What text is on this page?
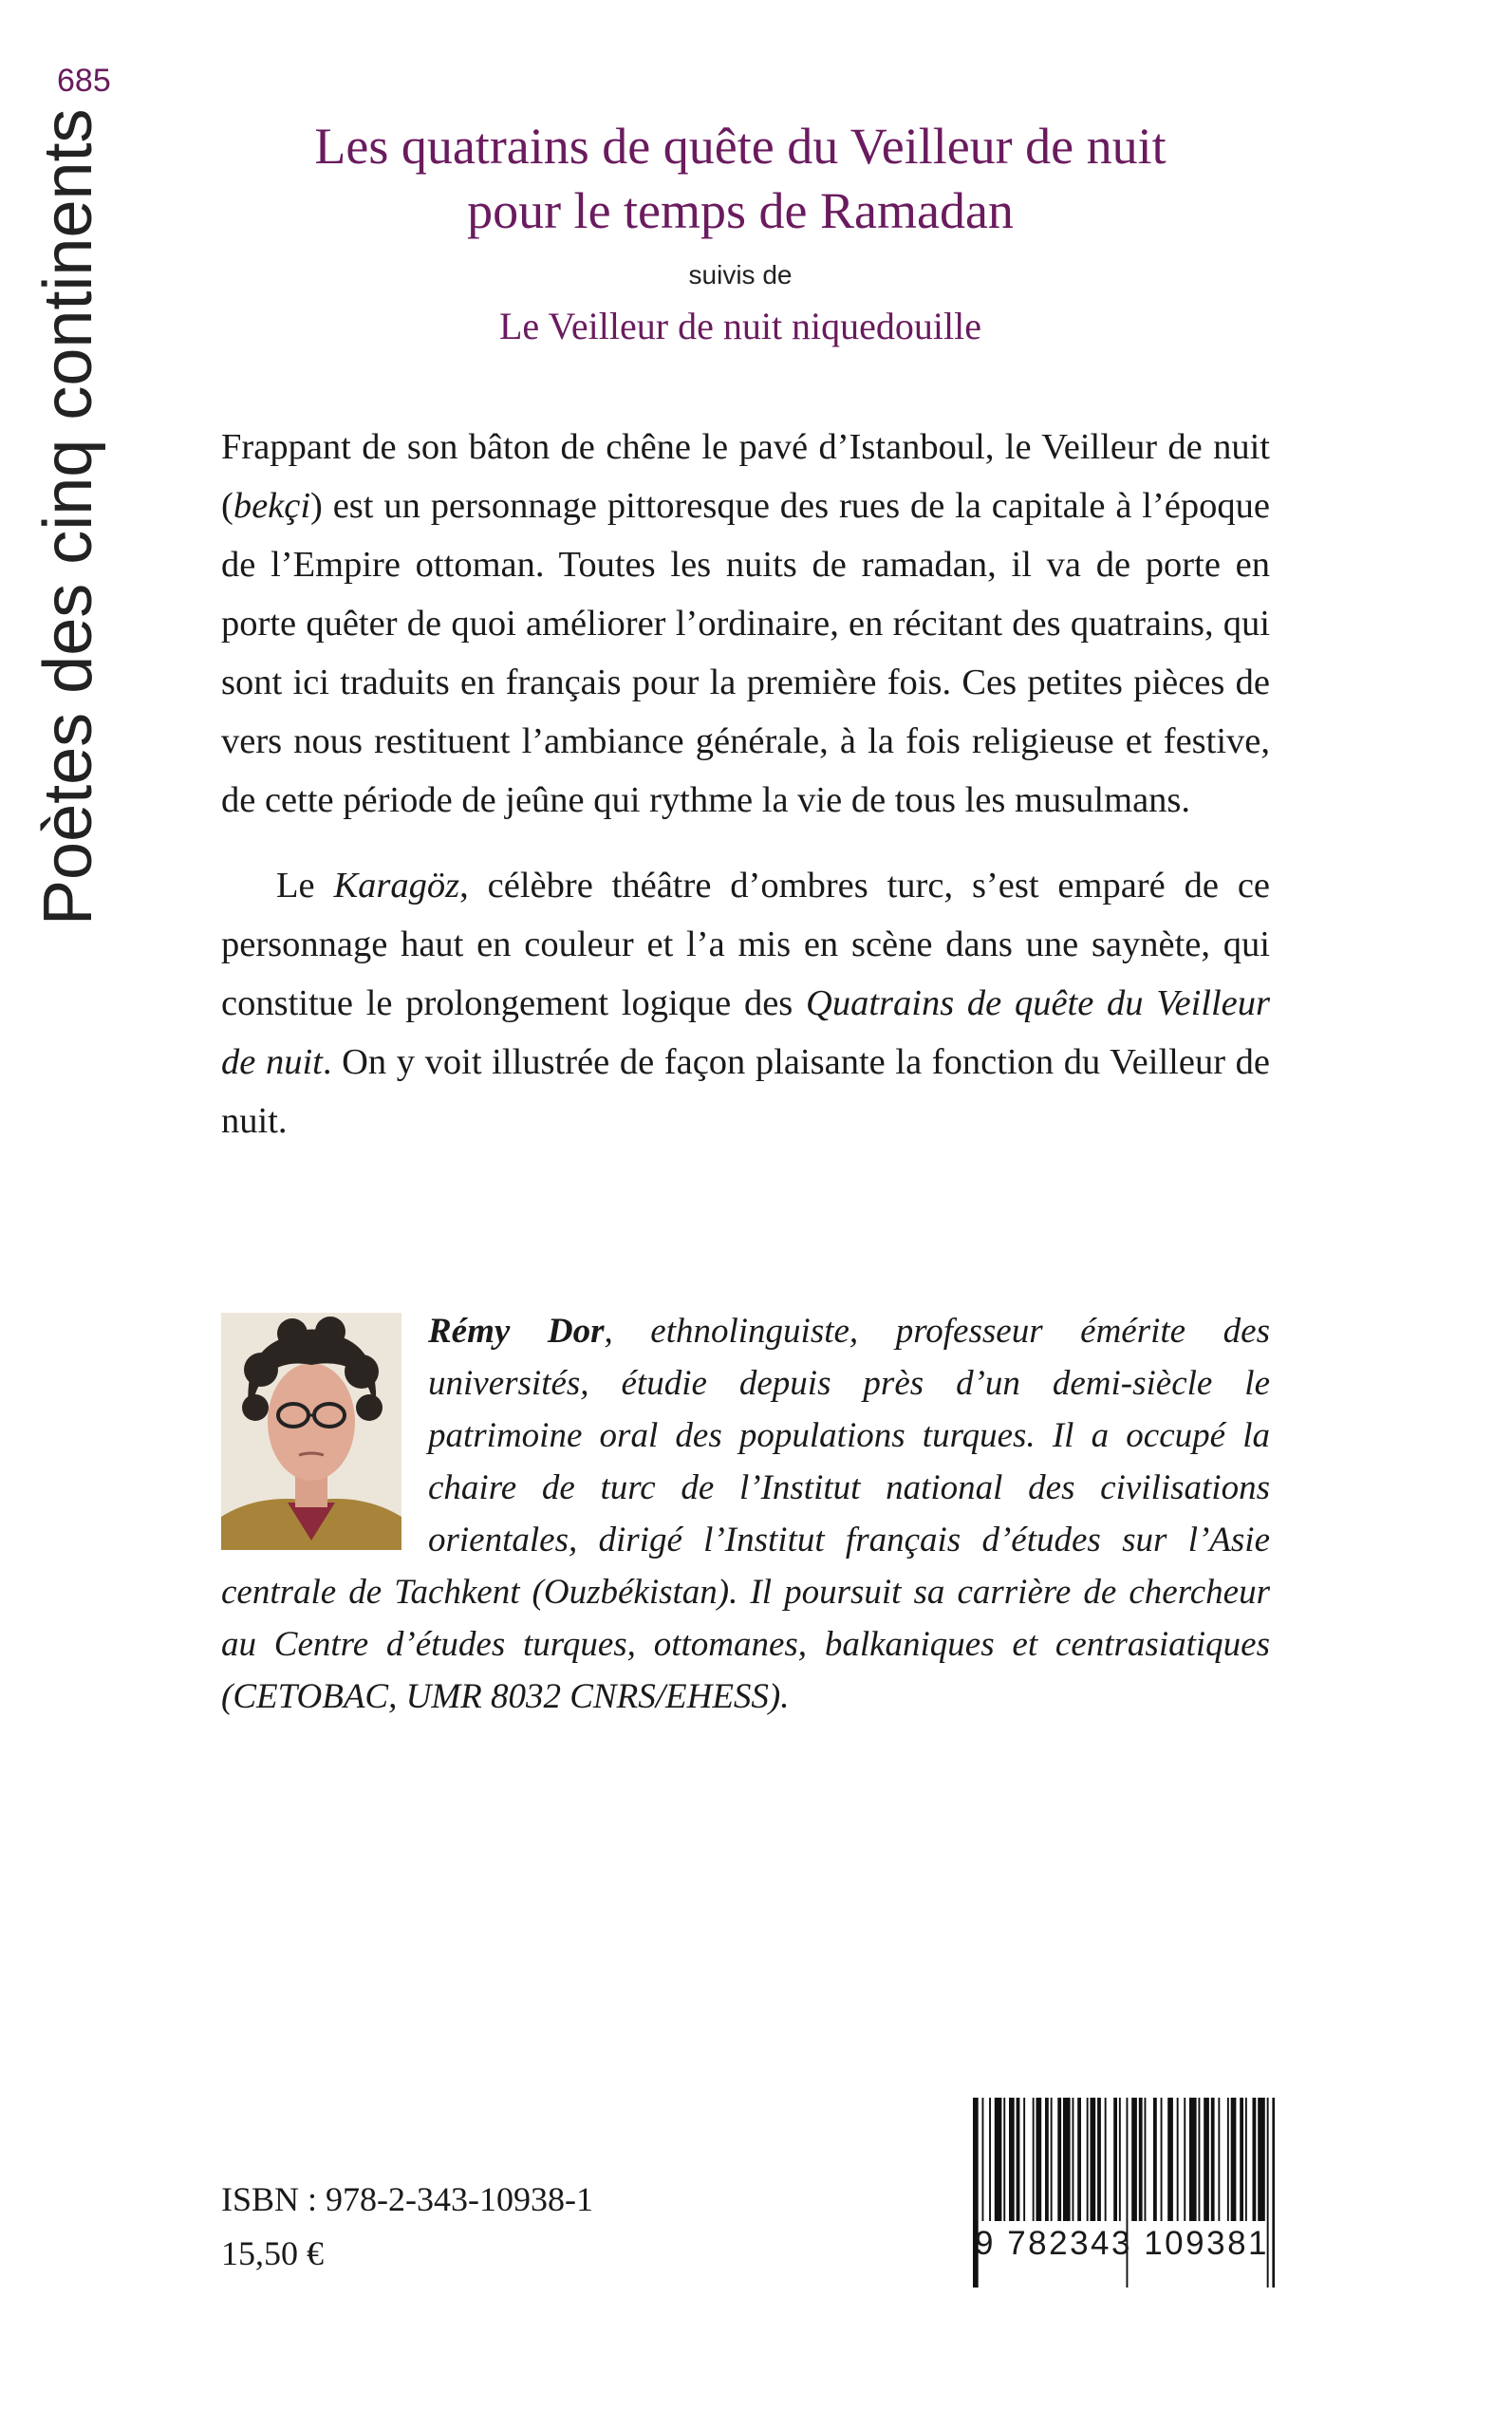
685
Poètes des cinq continents	Les quatrains de quête du Veilleur de nuit
pour le temps de Ramadan
suivis de
Le Veilleur de nuit niquedouille

Frappant de son bâton de chêne le pavé d’Istanboul, le Veilleur de nuit (bekçi) est un personnage pittoresque des rues de la capitale à l’époque de l’Empire ottoman. Toutes les nuits de ramadan, il va de porte en porte quêter de quoi améliorer l’ordinaire, en récitant des quatrains, qui sont ici traduits en français pour la première fois. Ces petites pièces de vers nous restituent l’ambiance générale, à la fois religieuse et festive, de cette période de jeûne qui rythme la vie de tous les musulmans.

Le Karagöz, célèbre théâtre d’ombres turc, s’est emparé de ce personnage haut en couleur et l’a mis en scène dans une saynète, qui constitue le prolongement logique des Quatrains de quête du Veilleur de nuit. On y voit illustrée de façon plaisante la fonction du Veilleur de nuit.

Rémy Dor, ethnolinguiste, professeur émérite des universités, étudie depuis près d’un demi-siècle le patrimoine oral des populations turques. Il a occupé la chaire de turc de l’Institut national des civilisations orientales, dirigé l’Institut français d’études sur l’Asie centrale de Tachkent (Ouzbékistan). Il poursuit sa carrière de chercheur au Centre d’études turques, ottomanes, balkaniques et centrasiatiques (CETOBAC, UMR 8032 CNRS/EHESS).
ISBN : 978-2-343-10938-1
15,50 €	9 782343 109381
